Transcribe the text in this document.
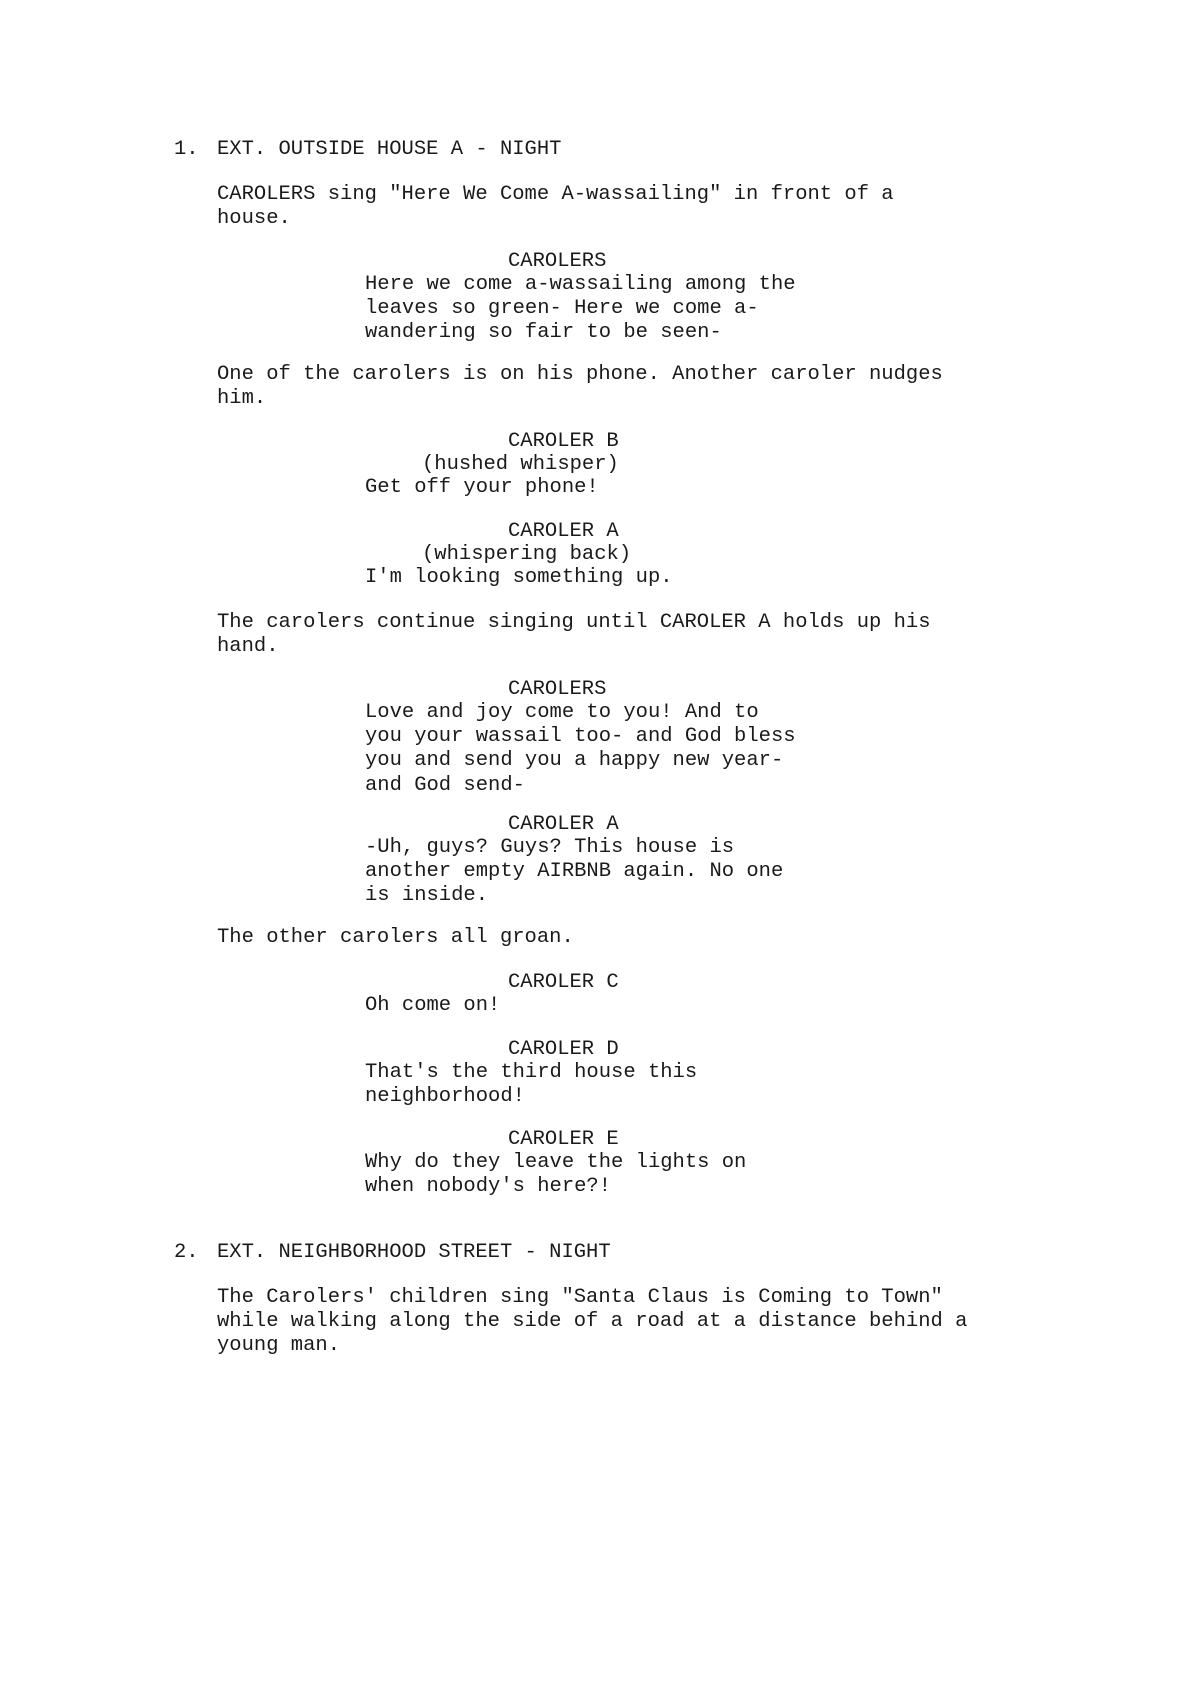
1. EXT. OUTSIDE HOUSE A - NIGHT

CAROLERS sing "Here We Come A-wassailing" in front of a
house.

CAROLERS

Here we come a-wassailing among the
leaves so green- Here we come a-
wandering so fair to be seen-

One of the carolers is on his phone. Another caroler nudges
him.

CAROLER B

(hushed whisper)

Get off your phone!

CAROLER A

(whispering back)

I'm looking something up.

The carolers continue singing until CAROLER A holds up his
hand.

CAROLERS

Love and joy come to you! And to
you your wassail too- and God bless
you and send you a happy new year-
and God send-

CAROLER A

-Uh, guys? Guys? This house is
another empty AIRBNB again. No one
is inside.

The other carolers all groan.

CAROLER C

Oh come on!

CAROLER D

That's the third house this
neighborhood!

CAROLER E

Why do they leave the lights on
when nobody's here?!

2. EXT. NEIGHBORHOOD STREET - NIGHT

The Carolers' children sing "Santa Claus is Coming to Town"
while walking along the side of a road at a distance behind a
young man.
